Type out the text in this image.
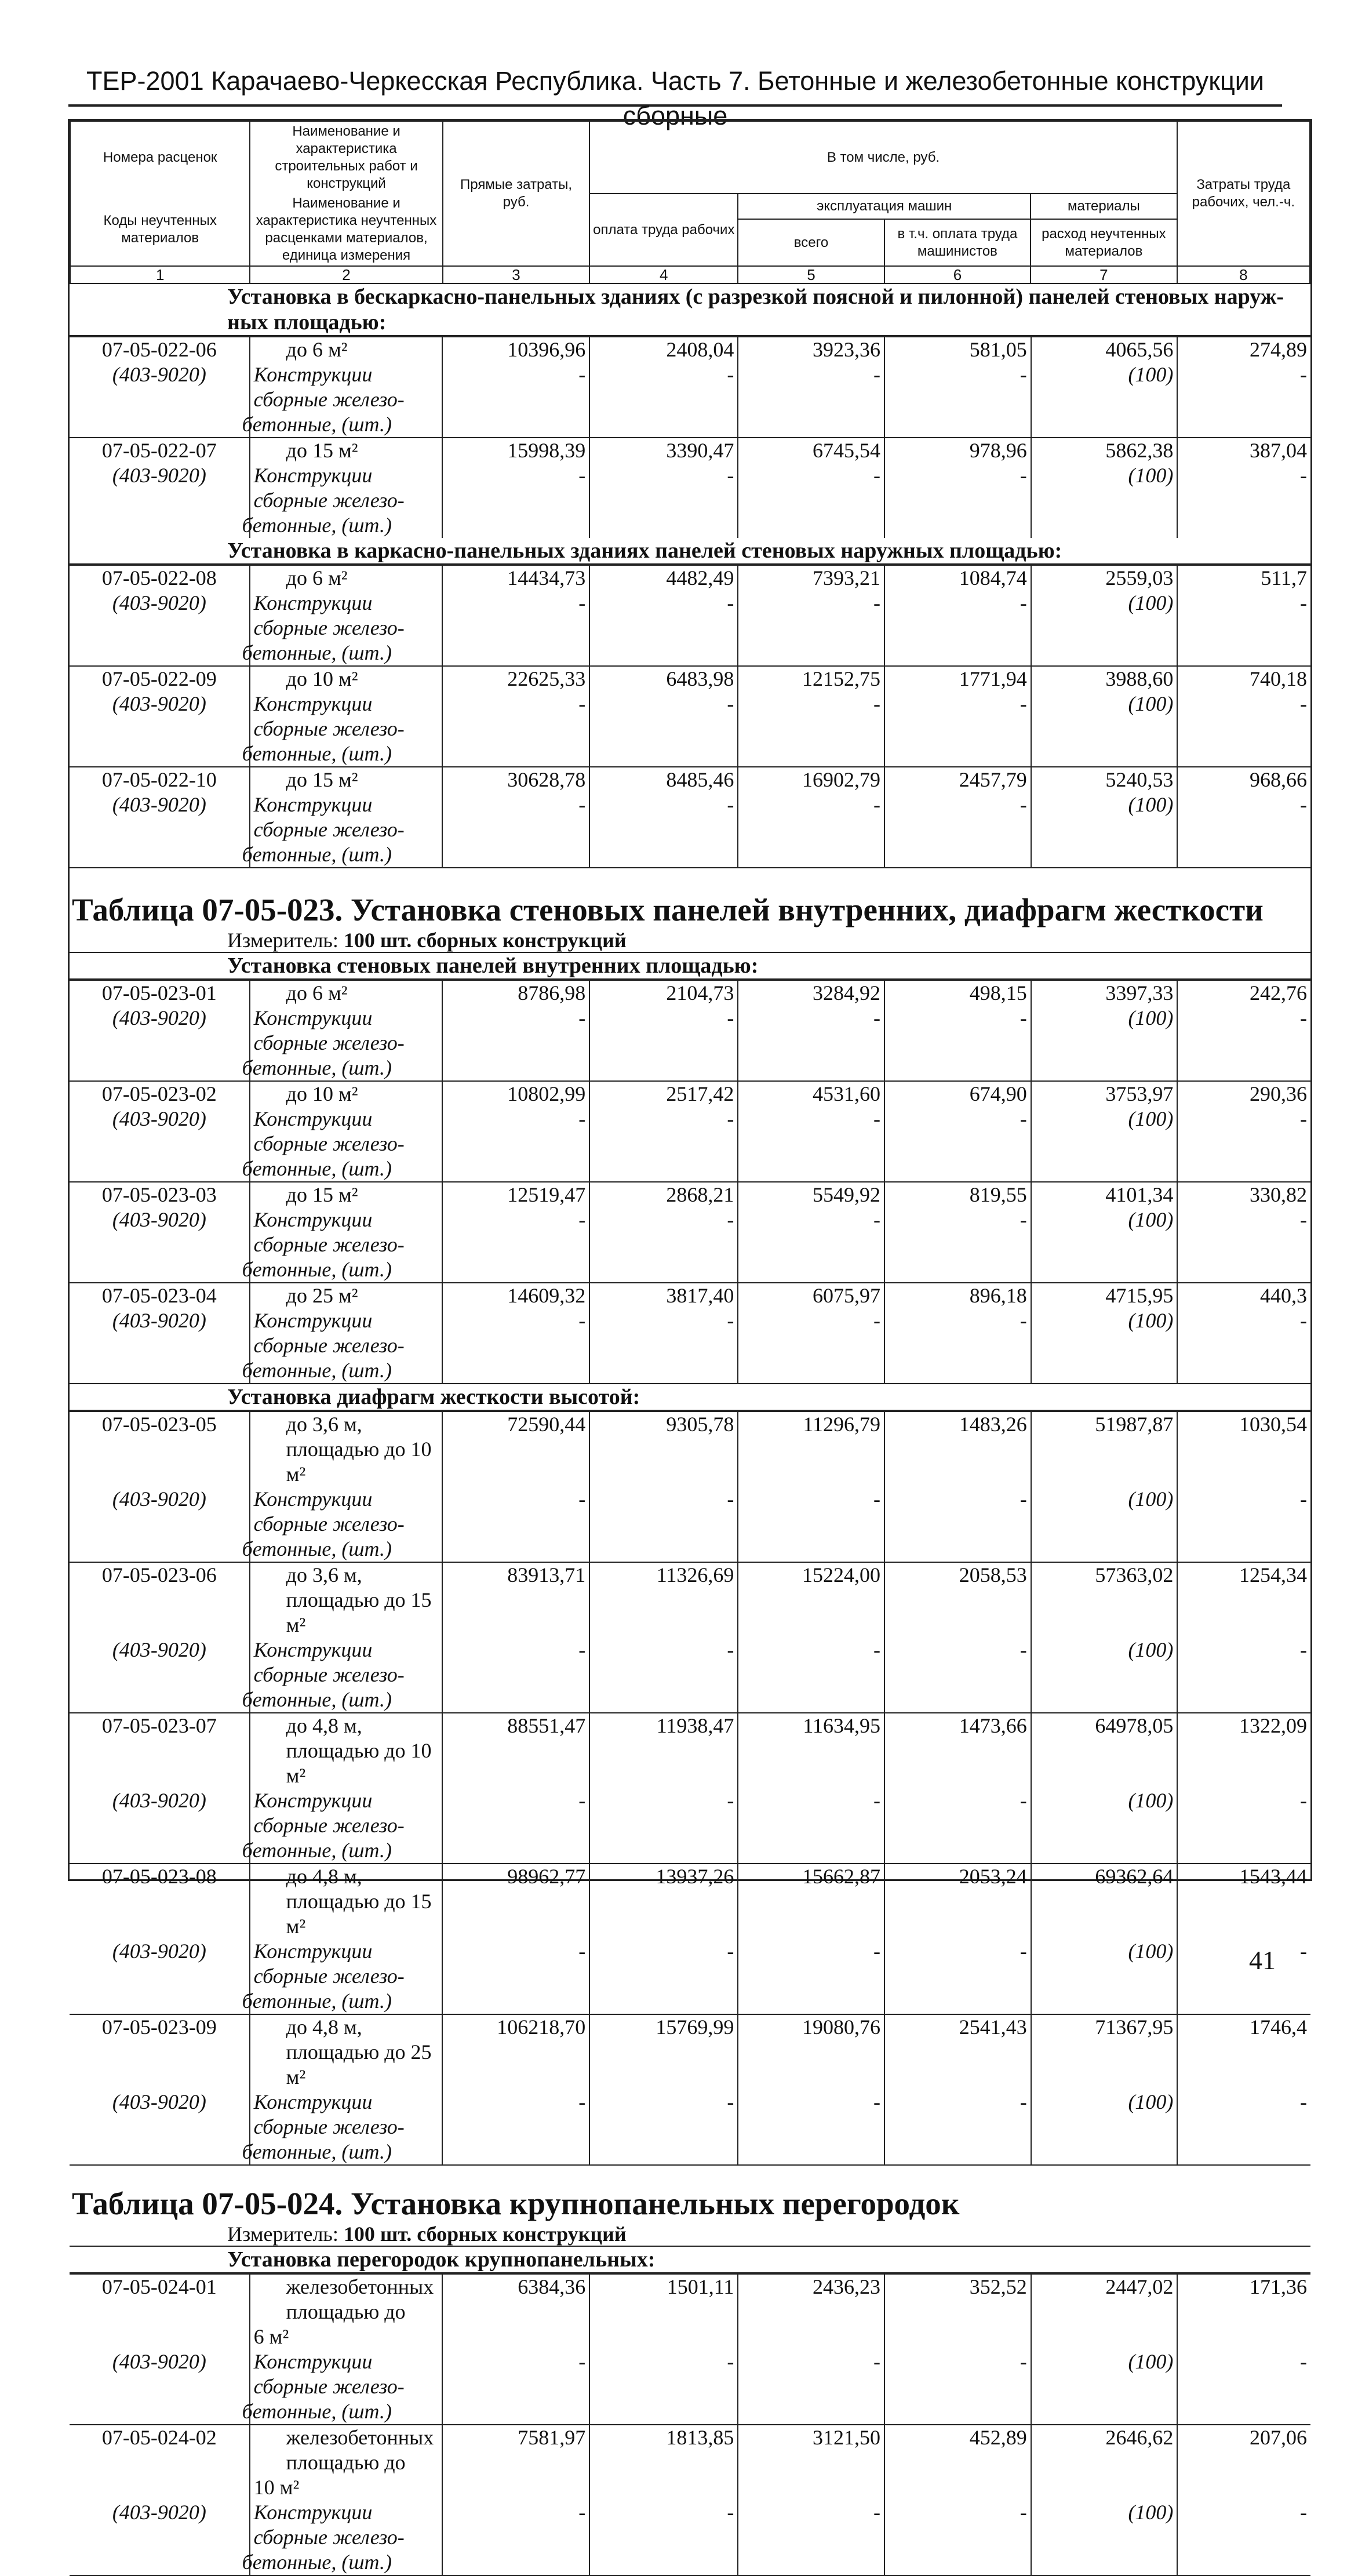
ТЕР-2001 Карачаево-Черкесская Республика. Часть 7. Бетонные и железобетонные конструкции сборные
Номера расценок	Наименование и характеристика строительных работ и конструкций	Прямые затраты, руб.	В том числе, руб.				Затраты труда рабочих, чел.-ч.
Коды неучтенных материалов	Наименование и характеристика неучтенных расценками материалов, единица измерения		оплата труда рабочих	эксплуатация машин		материалы	
				всего	в т.ч. оплата труда машинистов	расход неучтенных материалов	
1	2	3	4	5	6	7	8
Установка в бескаркасно-панельных зданиях (с разрезкой поясной и пилонной) панелей стеновых наруж-
ных площадью:
07-05-022-06	до 6 м²	10396,96	2408,04	3923,36	581,05	4065,56	274,89
(403-9020)	Конструкции сборные железо-
бетонные, (шт.)	-	-	-	-	(100)	-
07-05-022-07	до 15 м²	15998,39	3390,47	6745,54	978,96	5862,38	387,04
(403-9020)	Конструкции сборные железо-
бетонные, (шт.)	-	-	-	-	(100)	-
Установка в каркасно-панельных зданиях панелей стеновых наружных площадью:
07-05-022-08	до 6 м²	14434,73	4482,49	7393,21	1084,74	2559,03	511,7
(403-9020)	Конструкции сборные железо-
бетонные, (шт.)	-	-	-	-	(100)	-
07-05-022-09	до 10 м²	22625,33	6483,98	12152,75	1771,94	3988,60	740,18
(403-9020)	Конструкции сборные железо-
бетонные, (шт.)	-	-	-	-	(100)	-
07-05-022-10	до 15 м²	30628,78	8485,46	16902,79	2457,79	5240,53	968,66
(403-9020)	Конструкции сборные железо-
бетонные, (шт.)	-	-	-	-	(100)	-
Таблица 07-05-023. Установка стеновых панелей внутренних, диафрагм жесткости
Измеритель: 100 шт. сборных конструкций
Установка стеновых панелей внутренних площадью:
07-05-023-01	до 6 м²	8786,98	2104,73	3284,92	498,15	3397,33	242,76
(403-9020)	Конструкции сборные железо-
бетонные, (шт.)	-	-	-	-	(100)	-
07-05-023-02	до 10 м²	10802,99	2517,42	4531,60	674,90	3753,97	290,36
(403-9020)	Конструкции сборные железо-
бетонные, (шт.)	-	-	-	-	(100)	-
07-05-023-03	до 15 м²	12519,47	2868,21	5549,92	819,55	4101,34	330,82
(403-9020)	Конструкции сборные железо-
бетонные, (шт.)	-	-	-	-	(100)	-
07-05-023-04	до 25 м²	14609,32	3817,40	6075,97	896,18	4715,95	440,3
(403-9020)	Конструкции сборные железо-
бетонные, (шт.)	-	-	-	-	(100)	-
Установка диафрагм жесткости высотой:
07-05-023-05	до 3,6 м, площадью до 10 м²	72590,44	9305,78	11296,79	1483,26	51987,87	1030,54
(403-9020)	Конструкции сборные железо-
бетонные, (шт.)	-	-	-	-	(100)	-
07-05-023-06	до 3,6 м, площадью до 15 м²	83913,71	11326,69	15224,00	2058,53	57363,02	1254,34
(403-9020)	Конструкции сборные железо-
бетонные, (шт.)	-	-	-	-	(100)	-
07-05-023-07	до 4,8 м, площадью до 10 м²	88551,47	11938,47	11634,95	1473,66	64978,05	1322,09
(403-9020)	Конструкции сборные железо-
бетонные, (шт.)	-	-	-	-	(100)	-
07-05-023-08	до 4,8 м, площадью до 15 м²	98962,77	13937,26	15662,87	2053,24	69362,64	1543,44
(403-9020)	Конструкции сборные железо-
бетонные, (шт.)	-	-	-	-	(100)	-
07-05-023-09	до 4,8 м, площадью до 25 м²	106218,70	15769,99	19080,76	2541,43	71367,95	1746,4
(403-9020)	Конструкции сборные железо-
бетонные, (шт.)	-	-	-	-	(100)	-
Таблица 07-05-024. Установка крупнопанельных перегородок
Измеритель: 100 шт. сборных конструкций
Установка перегородок крупнопанельных:
07-05-024-01	железобетонных площадью до
6 м²	6384,36	1501,11	2436,23	352,52	2447,02	171,36
(403-9020)	Конструкции сборные железо-
бетонные, (шт.)	-	-	-	-	(100)	-
07-05-024-02	железобетонных площадью до
10 м²	7581,97	1813,85	3121,50	452,89	2646,62	207,06
(403-9020)	Конструкции сборные железо-
бетонные, (шт.)	-	-	-	-	(100)	-
41
